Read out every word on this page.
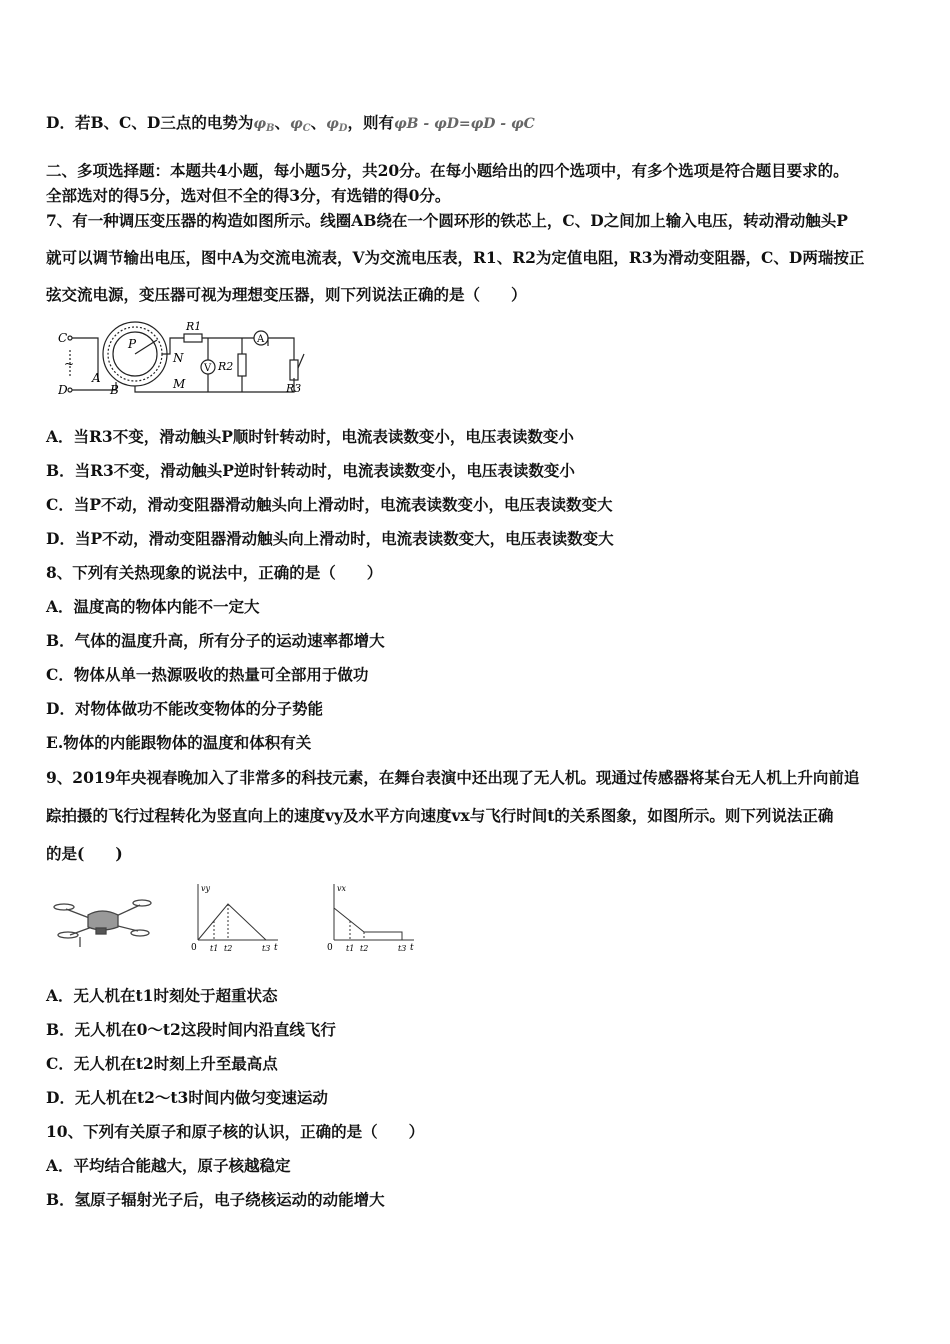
D．若B、C、D三点的电势为$\varphi_B$、$\varphi_C$、$\varphi_D$，则有φB - φD=φD - φC
二、多项选择题：本题共4小题，每小题5分，共20分。在每小题给出的四个选项中，有多个选项是符合题目要求的。
全部选对的得5分，选对但不全的得3分，有选错的得0分。
7、有一种调压变压器的构造如图所示。线圈AB绕在一个圆环形的铁芯上，C、D之间加上输入电压，转动滑动触头P
就可以调节输出电压，图中A为交流电流表，V为交流电压表，R1、R2为定值电阻，R3为滑动变阻器，C、D两瑞按正
弦交流电源，变压器可视为理想变压器，则下列说法正确的是（　　）
C
~
D
A
B
P
N
M
R1
R2
R3
V
A
A．当R3不变，滑动触头P顺时针转动时，电流表读数变小，电压表读数变小
B．当R3不变，滑动触头P逆时针转动时，电流表读数变小，电压表读数变小
C．当P不动，滑动变阻器滑动触头向上滑动时，电流表读数变小，电压表读数变大
D．当P不动，滑动变阻器滑动触头向上滑动时，电流表读数变大，电压表读数变大
8、下列有关热现象的说法中，正确的是（　　）
A．温度高的物体内能不一定大
B．气体的温度升高，所有分子的运动速率都增大
C．物体从单一热源吸收的热量可全部用于做功
D．对物体做功不能改变物体的分子势能
E.物体的内能跟物体的温度和体积有关
9、2019年央视春晚加入了非常多的科技元素，在舞台表演中还出现了无人机。现通过传感器将某台无人机上升向前追
踪拍摄的飞行过程转化为竖直向上的速度vy及水平方向速度vx与飞行时间t的关系图象，如图所示。则下列说法正确
的是(　　)
vy
0 t1 t2	t3 t
vx
0 t1 t2	t3 t
A．无人机在t1时刻处于超重状态
B．无人机在0～t2这段时间内沿直线飞行
C．无人机在t2时刻上升至最高点
D．无人机在t2～t3时间内做匀变速运动
10、下列有关原子和原子核的认识，正确的是（　　）
A．平均结合能越大，原子核越稳定
B．氢原子辐射光子后，电子绕核运动的动能增大
